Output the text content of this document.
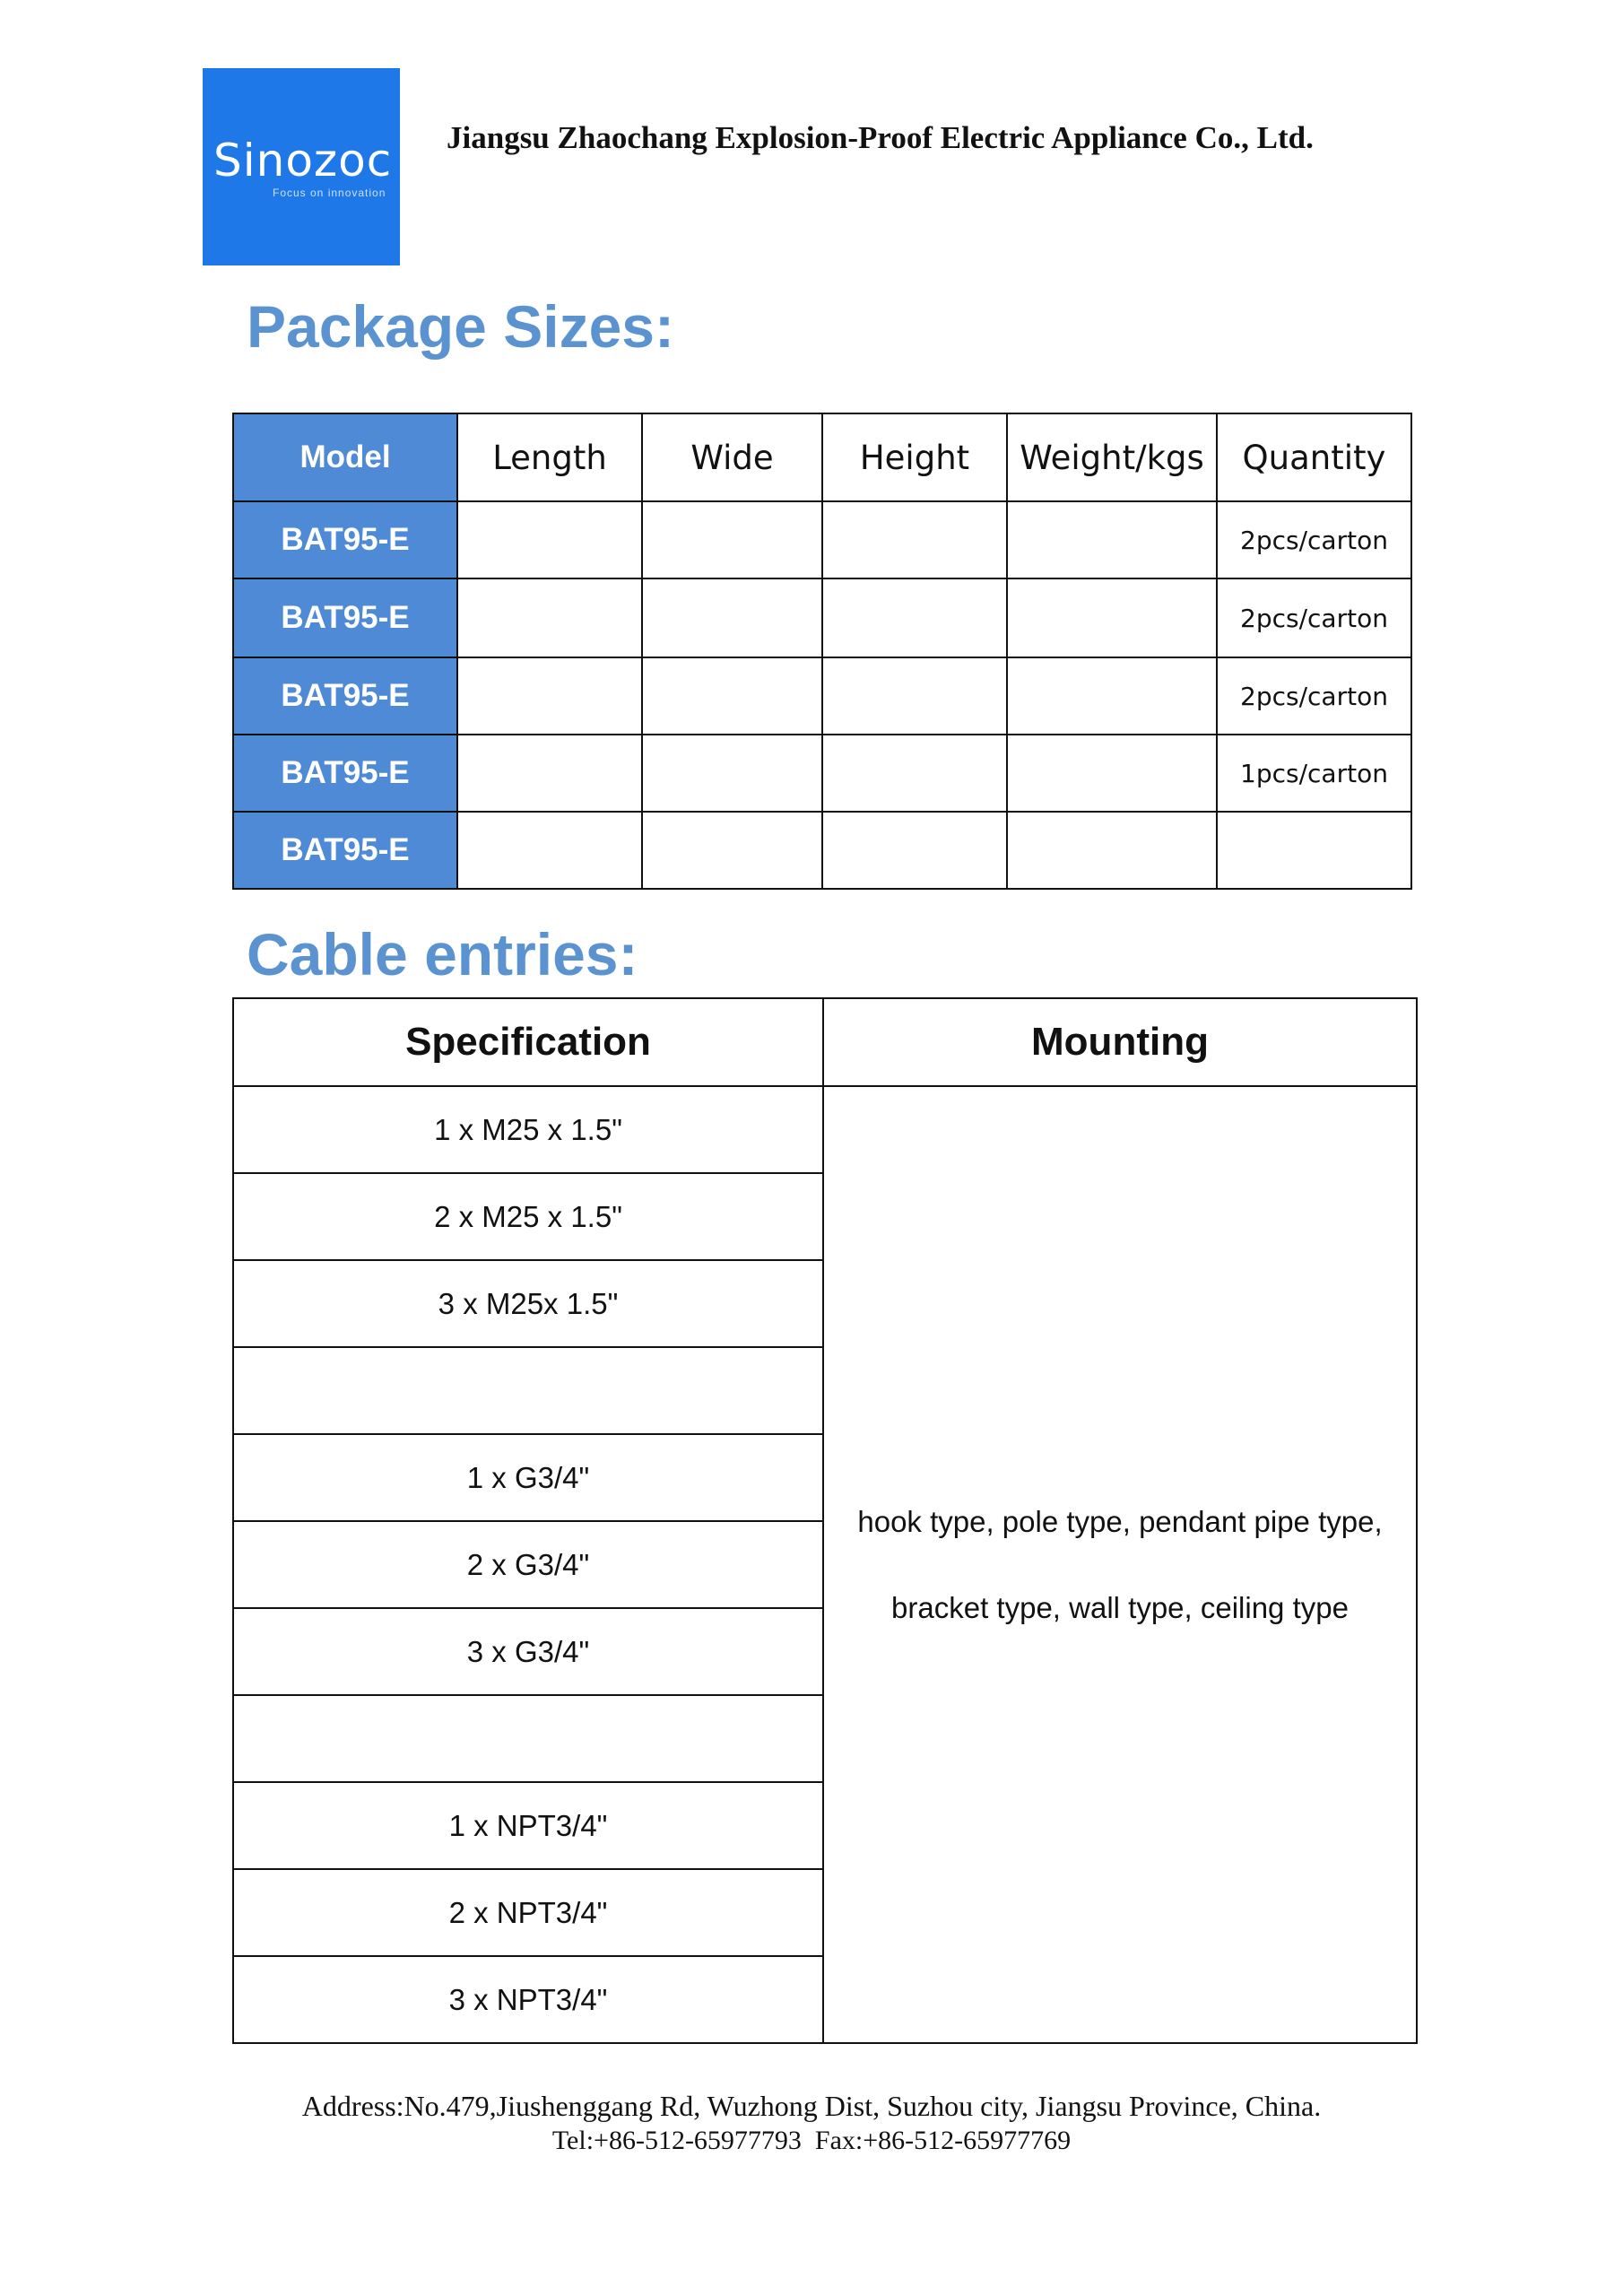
Sinozoc
Focus on innovation
Jiangsu Zhaochang Explosion-Proof Electric Appliance Co., Ltd.
Package Sizes:
Model	Length	Wide	Height	Weight/kgs	Quantity
BAT95-E					2pcs/carton
BAT95-E					2pcs/carton
BAT95-E					2pcs/carton
BAT95-E					1pcs/carton
BAT95-E					
Cable entries:
Specification	Mounting
1 x M25 x 1.5"	hook type, pole type, pendant pipe type,
bracket type, wall type, ceiling type
2 x M25 x 1.5"	
3 x M25x 1.5"	

1 x G3/4"	
2 x G3/4"	
3 x G3/4"	

1 x NPT3/4"	
2 x NPT3/4"	
3 x NPT3/4"	
Address:No.479,Jiushenggang Rd, Wuzhong Dist, Suzhou city, Jiangsu Province, China.
Tel:+86-512-65977793  Fax:+86-512-65977769
